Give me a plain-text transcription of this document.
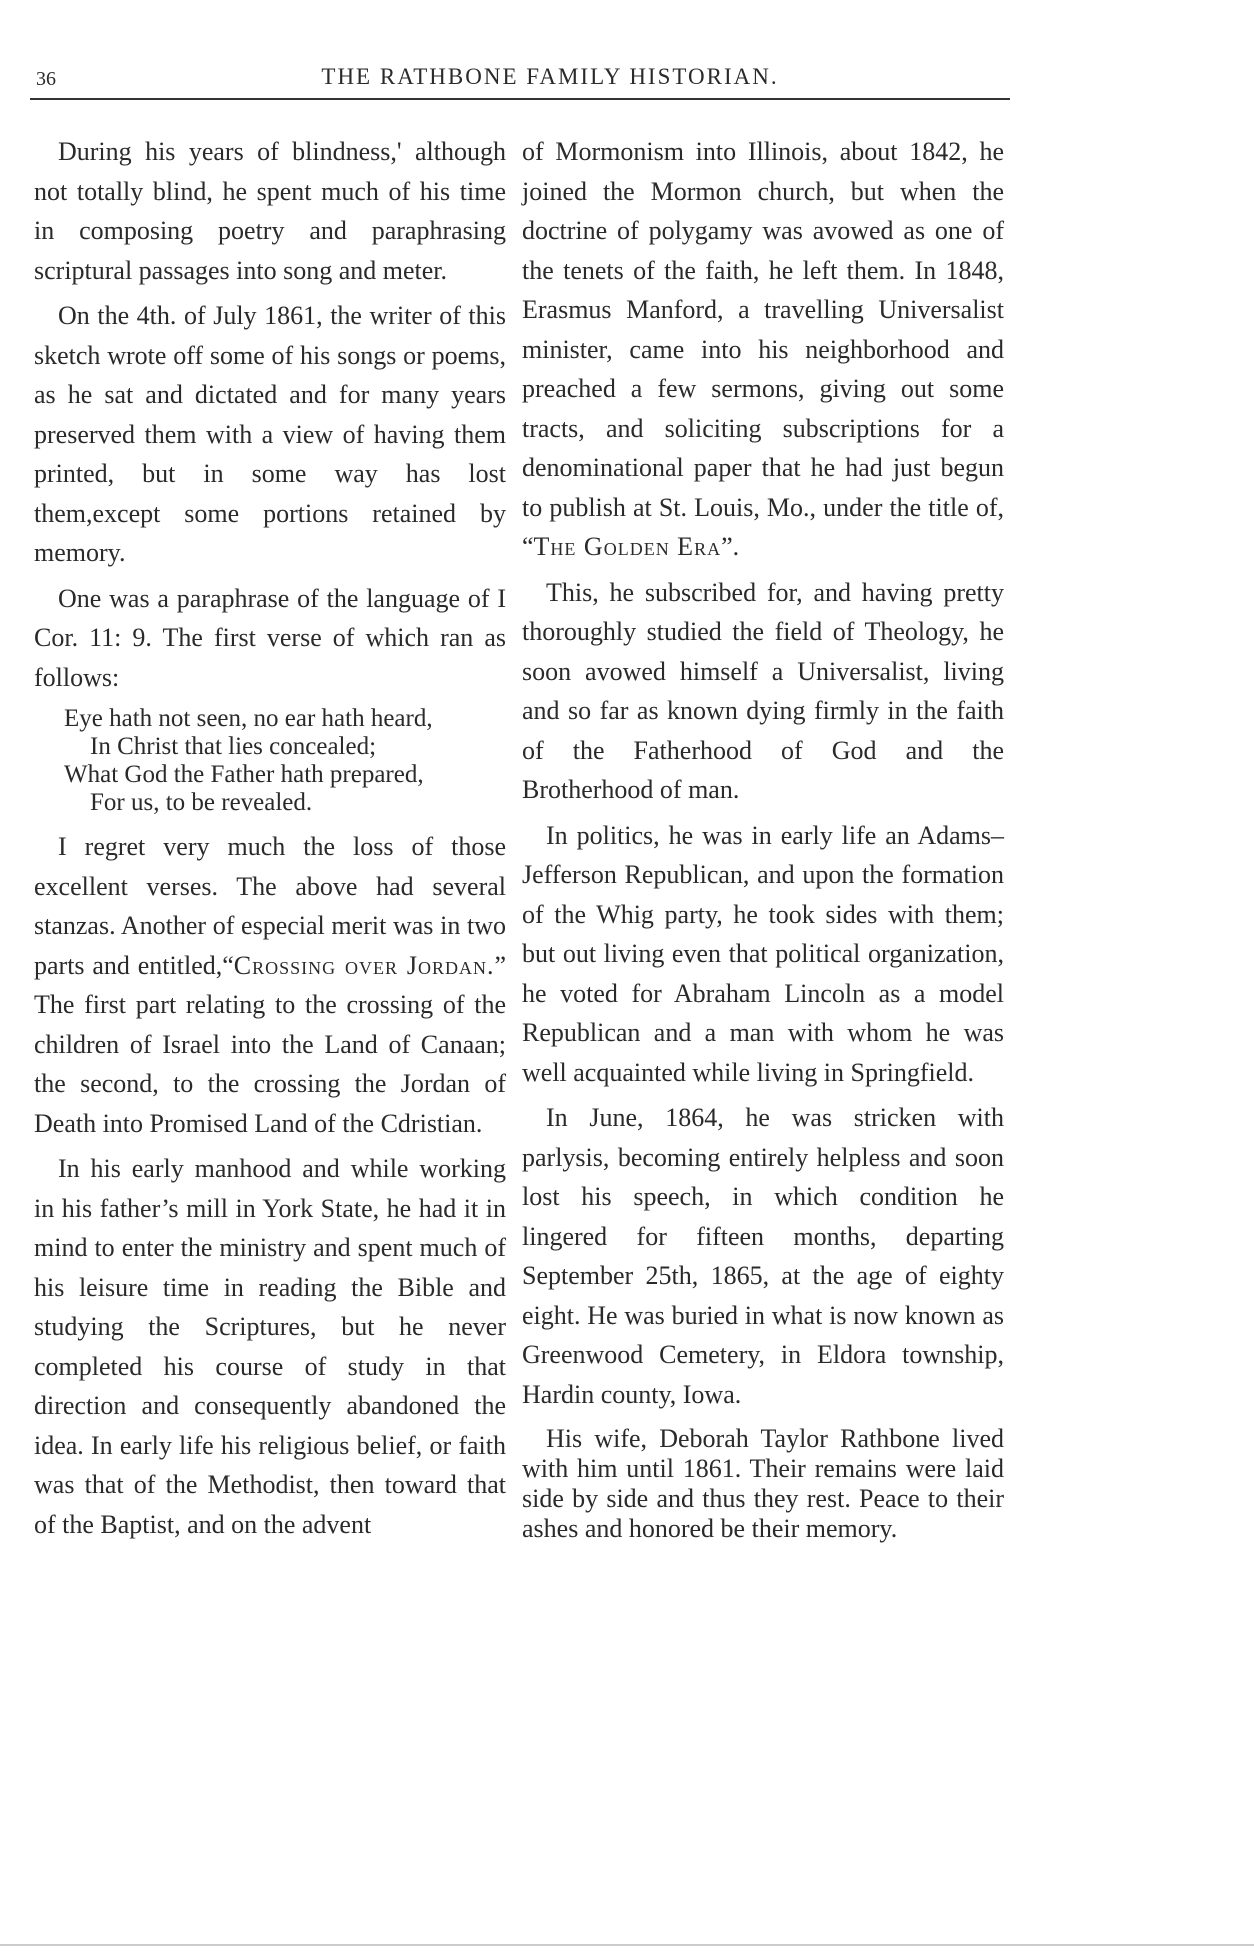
36	THE RATHBONE FAMILY HISTORIAN.

During his years of blindness,' although not totally blind, he spent much of his time in composing poetry and paraphrasing scriptural passages into song and meter.

On the 4th. of July 1861, the writer of this sketch wrote off some of his songs or poems, as he sat and dictated and for many years preserved them with a view of having them printed, but in some way has lost them,except some portions retained by memory.

One was a paraphrase of the language of I Cor. 11: 9. The first verse of which ran as follows:

Eye hath not seen, no ear hath heard,
In Christ that lies concealed;
What God the Father hath prepared,
For us, to be revealed.

I regret very much the loss of those excellent verses. The above had several stanzas. Another of especial merit was in two parts and entitled,“Crossing over Jordan.” The first part relating to the crossing of the children of Israel into the Land of Canaan; the second, to the crossing the Jordan of Death into Promised Land of the Cdristian.

In his early manhood and while working in his father’s mill in York State, he had it in mind to enter the ministry and spent much of his leisure time in reading the Bible and studying the Scriptures, but he never completed his course of study in that direction and consequently abandoned the idea. In early life his religious belief, or faith was that of the Methodist, then toward that of the Baptist, and on the advent

of Mormonism into Illinois, about 1842, he joined the Mormon church, but when the doctrine of polygamy was avowed as one of the tenets of the faith, he left them. In 1848, Erasmus Manford, a travelling Universalist minister, came into his neighborhood and preached a few sermons, giving out some tracts, and soliciting subscriptions for a denominational paper that he had just begun to publish at St. Louis, Mo., under the title of, “The Golden Era”.

This, he subscribed for, and having pretty thoroughly studied the field of Theology, he soon avowed himself a Universalist, living and so far as known dying firmly in the faith of the Fatherhood of God and the Brotherhood of man.

In politics, he was in early life an Adams–Jefferson Republican, and upon the formation of the Whig party, he took sides with them; but out living even that political organization, he voted for Abraham Lincoln as a model Republican and a man with whom he was well acquainted while living in Springfield.

In June, 1864, he was stricken with parlysis, becoming entirely helpless and soon lost his speech, in which condition he lingered for fifteen months, departing September 25th, 1865, at the age of eighty eight. He was buried in what is now known as Greenwood Cemetery, in Eldora township, Hardin county, Iowa.

His wife, Deborah Taylor Rathbone lived with him until 1861. Their remains were laid side by side and thus they rest. Peace to their ashes and honored be their memory.
